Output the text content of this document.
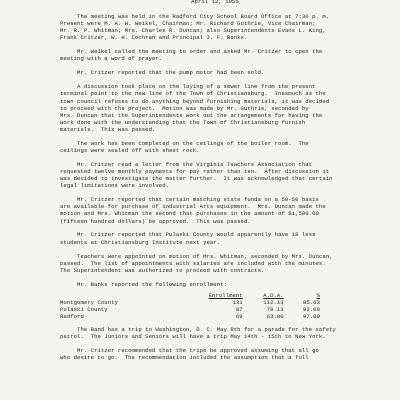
April 12, 1955

The meeting was held in the Radford City School Board Office at 7:30 p. m.
Present were M. A. H. Weikel, Chairman; Mr. Richard Guthrie, Vice Chairman;
Mr. R. P. Whitman; Mrs. Charles R. Duncan; also Superintendents Evans L. King,
Frank Critzer, W. H. Cochran and Principal J. F. Banks.

Mr. Weikel called the meeting to order and asked Mr. Critzer to open the
meeting with a word of prayer.

Mr. Critzer reported that the pump motor had been sold.

A discussion took place on the laying of a sewer line from the present
terminal point to the new line of the Town of Christiansburg.  Inasmuch as the
town council refuses to do anything beyond furnishing materials, it was decided
to proceed with the project.  Motion was made by Mr. Guthrie, seconded by
Mrs. Duncan that the Superintendents work out the arrangements for having the
work done with the understanding that the Town of Christiansburg furnish
materials.  This was passed.

The work has been completed on the ceilings of the boiler room.  The
ceilings were sealed off with sheet rock.

Mr. Critzer read a letter from the Virginia Teachers Association that
requested twelve monthly payments for pay rather than ten.  After discussion it
was decided to investigate the matter further.  It was acknowledged that certain
legal limitations were involved.

Mr. Critzer reported that certain matching state funds on a 50-50 basis
are available for purchase of industrial Arts equipment.  Mrs. Duncan made the
motion and Mrs. Whitman the second that purchases in the amount of $1,500.00
(fifteen hundred dollars) be approved.  This was passed.

Mr. Critzer reported that Pulaski County would apparently have 18 less
students at Christiansburg Institute next year.

Teachers were appointed on motion of Mrs. Whitman, seconded by Mrs. Duncan,
passed.  The list of appointments with salaries are included with the minutes.
The Superintendent was authorized to proceed with contracts.

Mr. Banks reported the following enrollment:

	Enrollment	A.D.A.	%
Montgomery County	131	112.13	85.63
Pulaski County	87	78.13	93.00
Radford	69	63.00	97.00

The Band has a trip to Washington, D. C. May 8th for a parade for the safety
patrol.  The Juniors and Seniors will have a trip May 14th - 15th to New York.

Mr. Critzer recommended that the tripe be approved assuming that all go
who desire to go.  The recommendation included the assumption that a full
